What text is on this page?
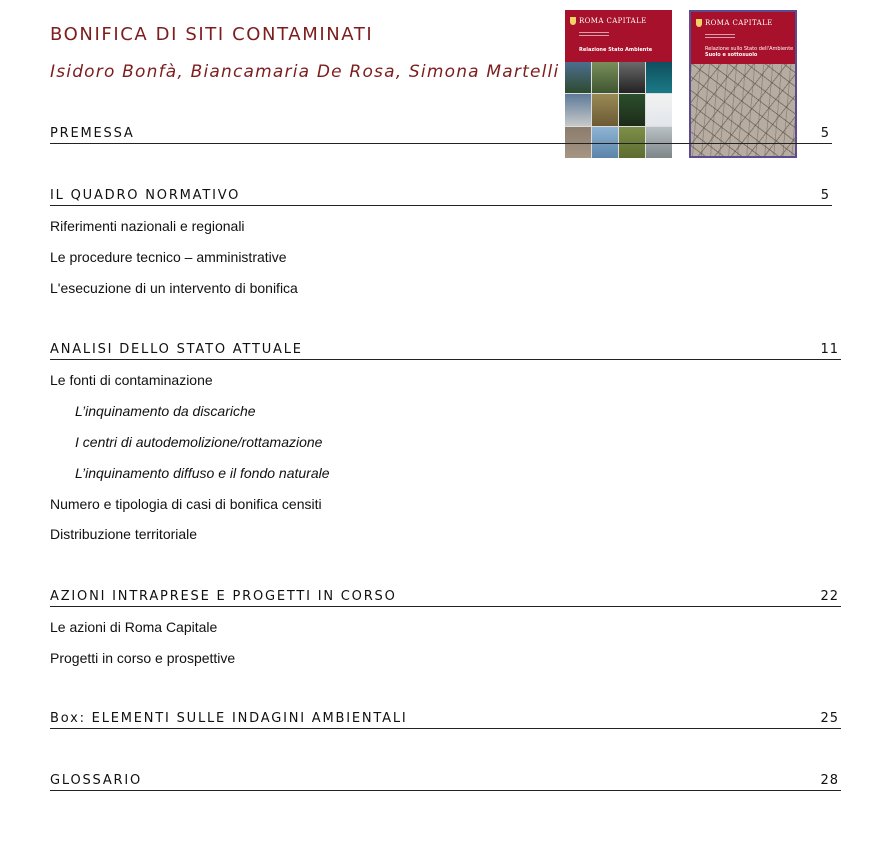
BONIFICA DI SITI CONTAMINATI
Isidoro Bonfà, Biancamaria De Rosa, Simona Martelli
ROMA CAPITALE
Relazione Stato Ambiente
ROMA CAPITALE
Relazione sullo Stato dell'Ambiente
Suolo e sottosuolo
PREMESSA	5
IL QUADRO NORMATIVO	5
Riferimenti nazionali e regionali
Le procedure tecnico – amministrative
L'esecuzione di un intervento di bonifica
ANALISI DELLO STATO ATTUALE	11
Le fonti di contaminazione
L’inquinamento da discariche
I centri di autodemolizione/rottamazione
L’inquinamento diffuso e il fondo naturale
Numero e tipologia di casi di bonifica censiti
Distribuzione territoriale
AZIONI INTRAPRESE E PROGETTI IN CORSO	22
Le azioni di Roma Capitale
Progetti in corso e prospettive
Box: ELEMENTI SULLE INDAGINI AMBIENTALI	25
GLOSSARIO	28
